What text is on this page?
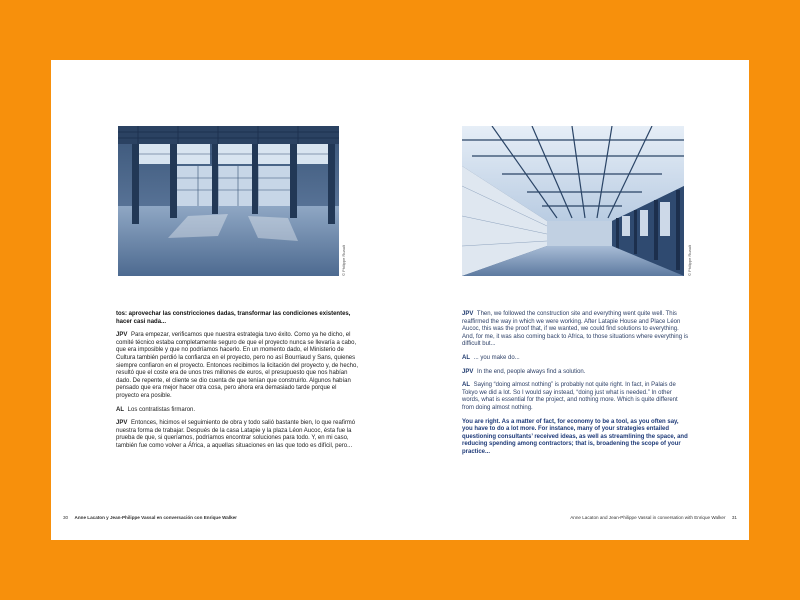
© Philippe Ruault	© Philippe Ruault

tos: aprovechar las constricciones dadas, transformar las condiciones existentes, hacer casi nada...

JPV Para empezar, verificamos que nuestra estrategia tuvo éxito. Como ya he dicho, el comité técnico estaba completamente seguro de que el proyecto nunca se llevaría a cabo, que era imposible y que no podríamos hacerlo. En un momento dado, el Ministerio de Cultura también perdió la confianza en el proyecto, pero no así Bourriaud y Sans, quienes siempre confiaron en el proyecto. Entonces recibimos la licitación del proyecto y, de hecho, resultó que el coste era de unos tres millones de euros, el presupuesto que nos habían dado. De repente, el cliente se dio cuenta de que tenían que construirlo. Algunos habían pensado que era mejor hacer otra cosa, pero ahora era demasiado tarde porque el proyecto era posible.

AL Los contratistas firmaron.

JPV Entonces, hicimos el seguimiento de obra y todo salió bastante bien, lo que reafirmó nuestra forma de trabajar. Después de la casa Latapie y la plaza Léon Aucoc, ésta fue la prueba de que, si queríamos, podríamos encontrar soluciones para todo. Y, en mi caso, también fue como volver a África, a aquellas situaciones en las que todo es difícil, pero...

JPV Then, we followed the construction site and everything went quite well. This reaffirmed the way in which we were working. After Latapie House and Place Léon Aucoc, this was the proof that, if we wanted, we could find solutions to everything. And, for me, it was also coming back to Africa, to those situations where everything is difficult but...

AL ... you make do...

JPV In the end, people always find a solution.

AL Saying “doing almost nothing” is probably not quite right. In fact, in Palais de Tokyo we did a lot. So I would say instead, “doing just what is needed.” In other words, what is essential for the project, and nothing more. Which is quite different from doing almost nothing.

You are right. As a matter of fact, for economy to be a tool, as you often say, you have to do a lot more. For instance, many of your strategies entailed questioning consultants’ received ideas, as well as streamlining the space, and reducing spending among contractors; that is, broadening the scope of your practice...

30 Anne Lacaton y Jean-Philippe Vassal en conversación con Enrique Walker	Anne Lacaton and Jean-Philippe Vassal in conversation with Enrique Walker 31
